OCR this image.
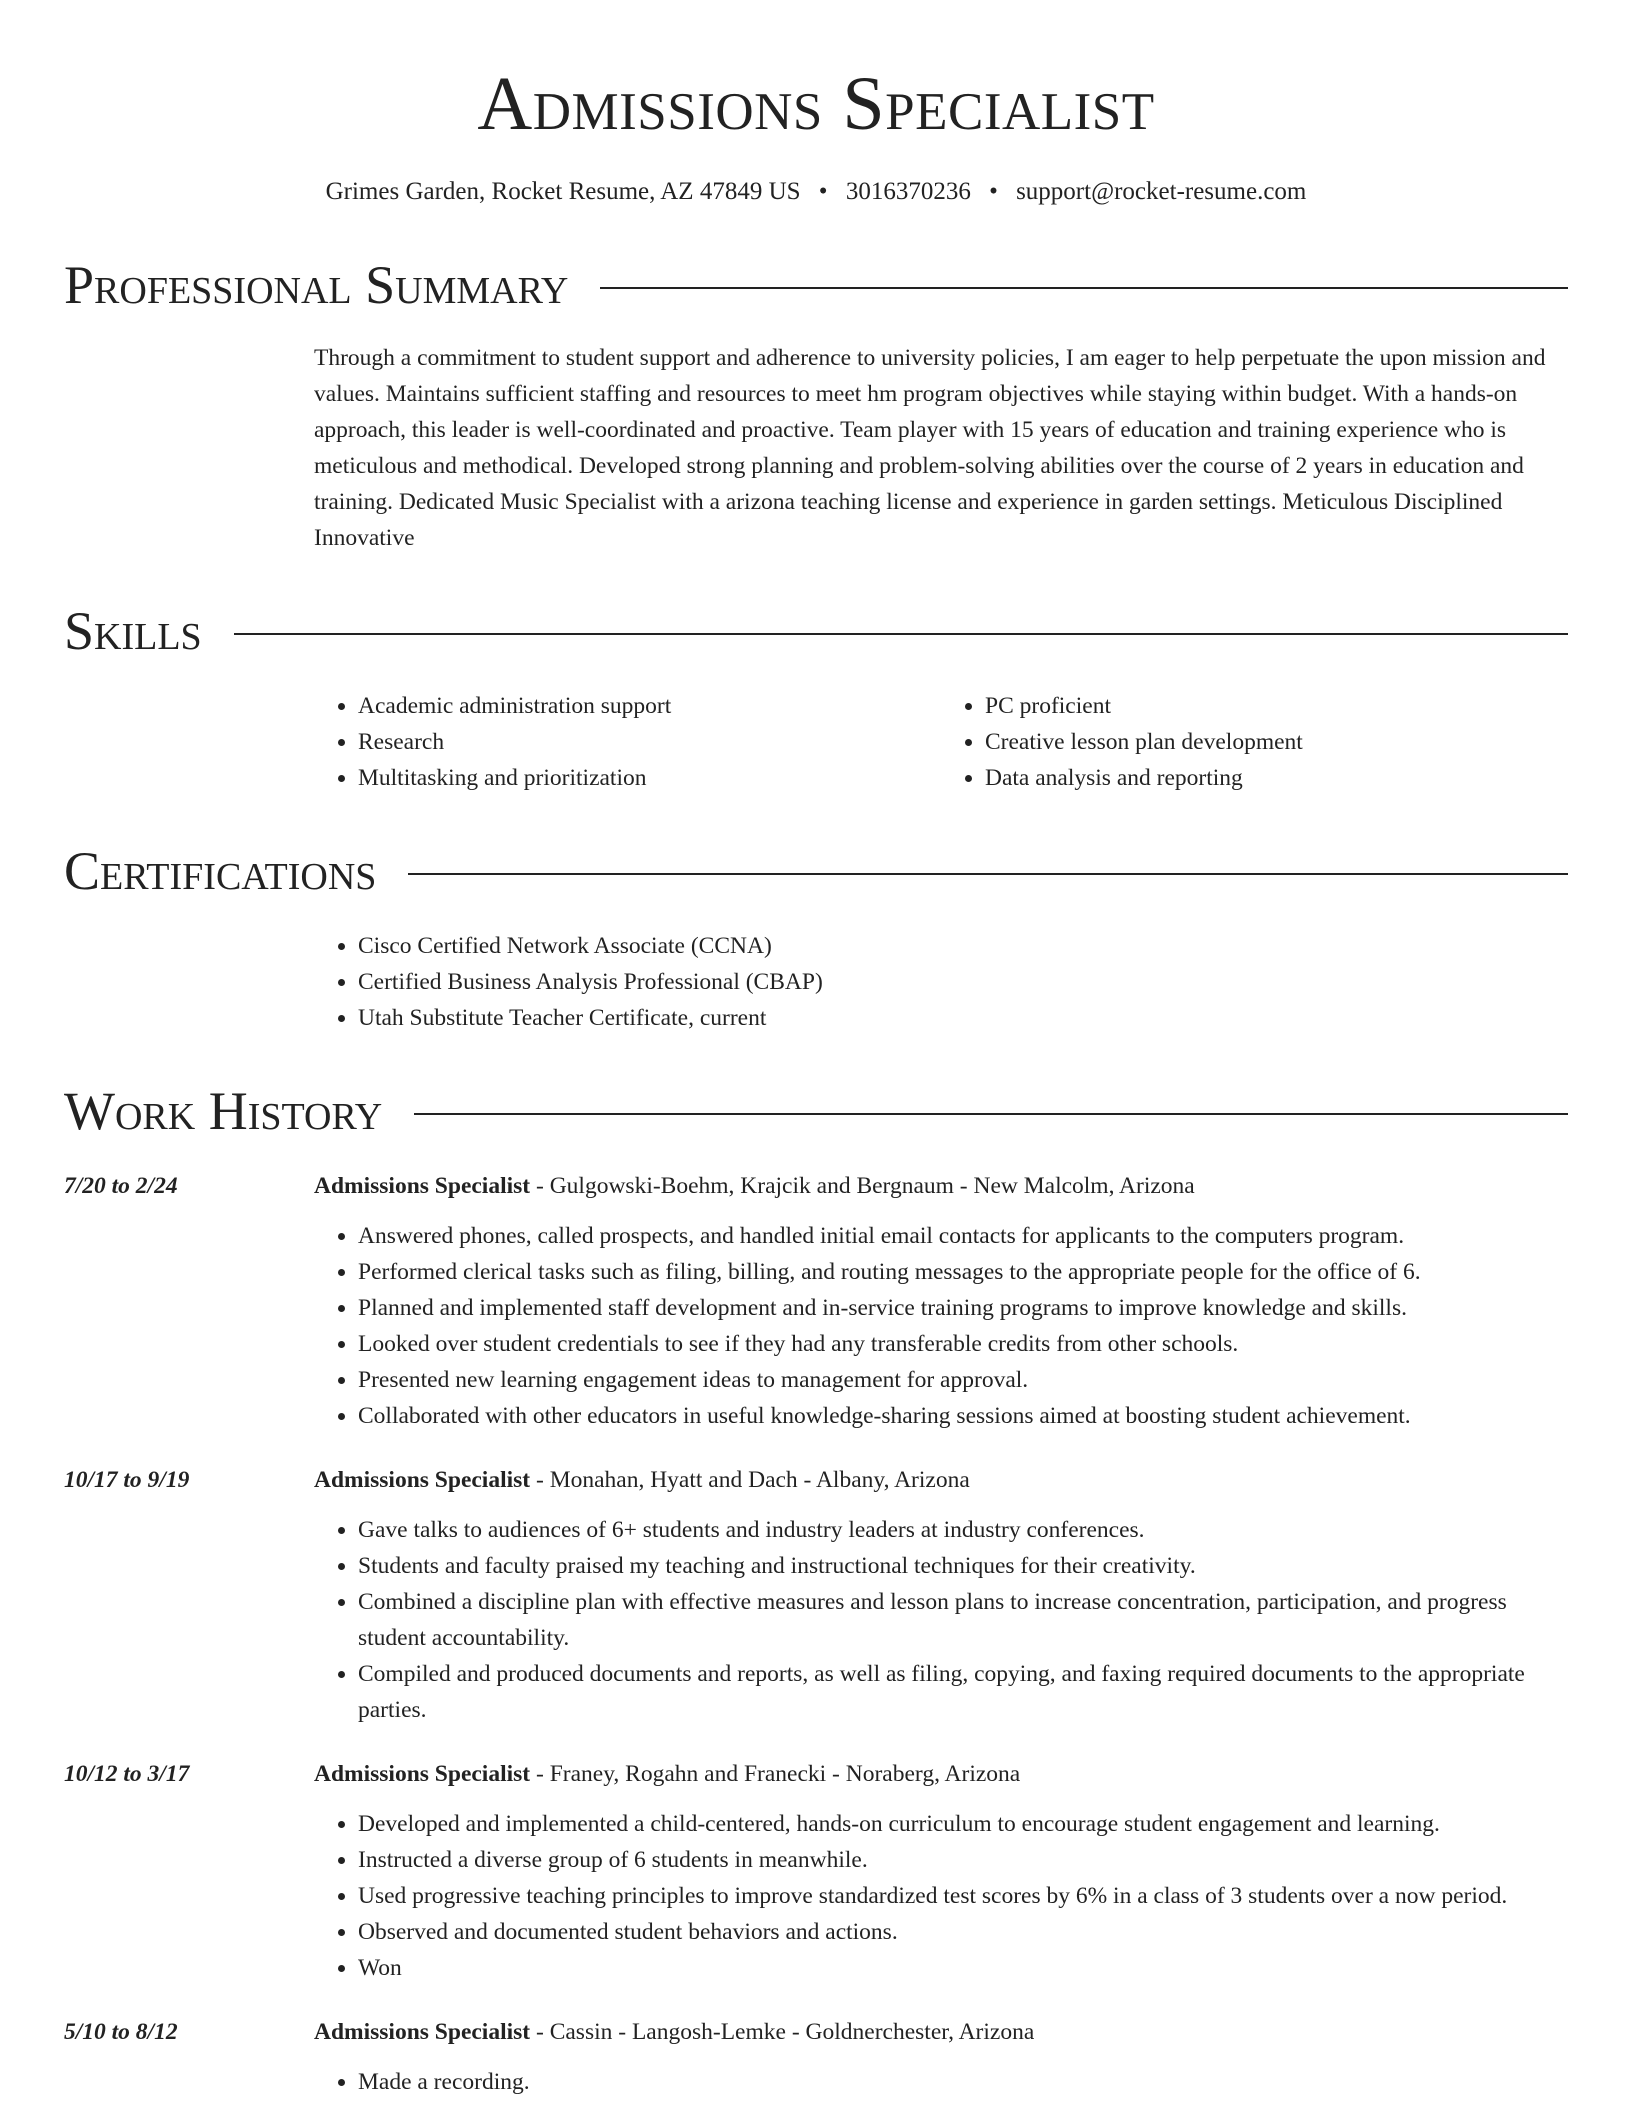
Admissions Specialist
Grimes Garden, Rocket Resume, AZ 47849 US • 3016370236 • support@rocket-resume.com
Professional Summary
Through a commitment to student support and adherence to university policies, I am eager to help perpetuate the upon mission and values. Maintains sufficient staffing and resources to meet hm program objectives while staying within budget. With a hands-on approach, this leader is well-coordinated and proactive. Team player with 15 years of education and training experience who is meticulous and methodical. Developed strong planning and problem-solving abilities over the course of 2 years in education and training. Dedicated Music Specialist with a arizona teaching license and experience in garden settings. Meticulous Disciplined Innovative
Skills
• Academic administration support
• Research
• Multitasking and prioritization
• PC proficient
• Creative lesson plan development
• Data analysis and reporting
Certifications
• Cisco Certified Network Associate (CCNA)
• Certified Business Analysis Professional (CBAP)
• Utah Substitute Teacher Certificate, current
Work History
7/20 to 2/24	Admissions Specialist - Gulgowski-Boehm, Krajcik and Bergnaum - New Malcolm, Arizona
• Answered phones, called prospects, and handled initial email contacts for applicants to the computers program.
• Performed clerical tasks such as filing, billing, and routing messages to the appropriate people for the office of 6.
• Planned and implemented staff development and in-service training programs to improve knowledge and skills.
• Looked over student credentials to see if they had any transferable credits from other schools.
• Presented new learning engagement ideas to management for approval.
• Collaborated with other educators in useful knowledge-sharing sessions aimed at boosting student achievement.
10/17 to 9/19	Admissions Specialist - Monahan, Hyatt and Dach - Albany, Arizona
• Gave talks to audiences of 6+ students and industry leaders at industry conferences.
• Students and faculty praised my teaching and instructional techniques for their creativity.
• Combined a discipline plan with effective measures and lesson plans to increase concentration, participation, and progress student accountability.
• Compiled and produced documents and reports, as well as filing, copying, and faxing required documents to the appropriate parties.
10/12 to 3/17	Admissions Specialist - Franey, Rogahn and Franecki - Noraberg, Arizona
• Developed and implemented a child-centered, hands-on curriculum to encourage student engagement and learning.
• Instructed a diverse group of 6 students in meanwhile.
• Used progressive teaching principles to improve standardized test scores by 6% in a class of 3 students over a now period.
• Observed and documented student behaviors and actions.
• Won
5/10 to 8/12	Admissions Specialist - Cassin - Langosh-Lemke - Goldnerchester, Arizona
• Made a recording.
